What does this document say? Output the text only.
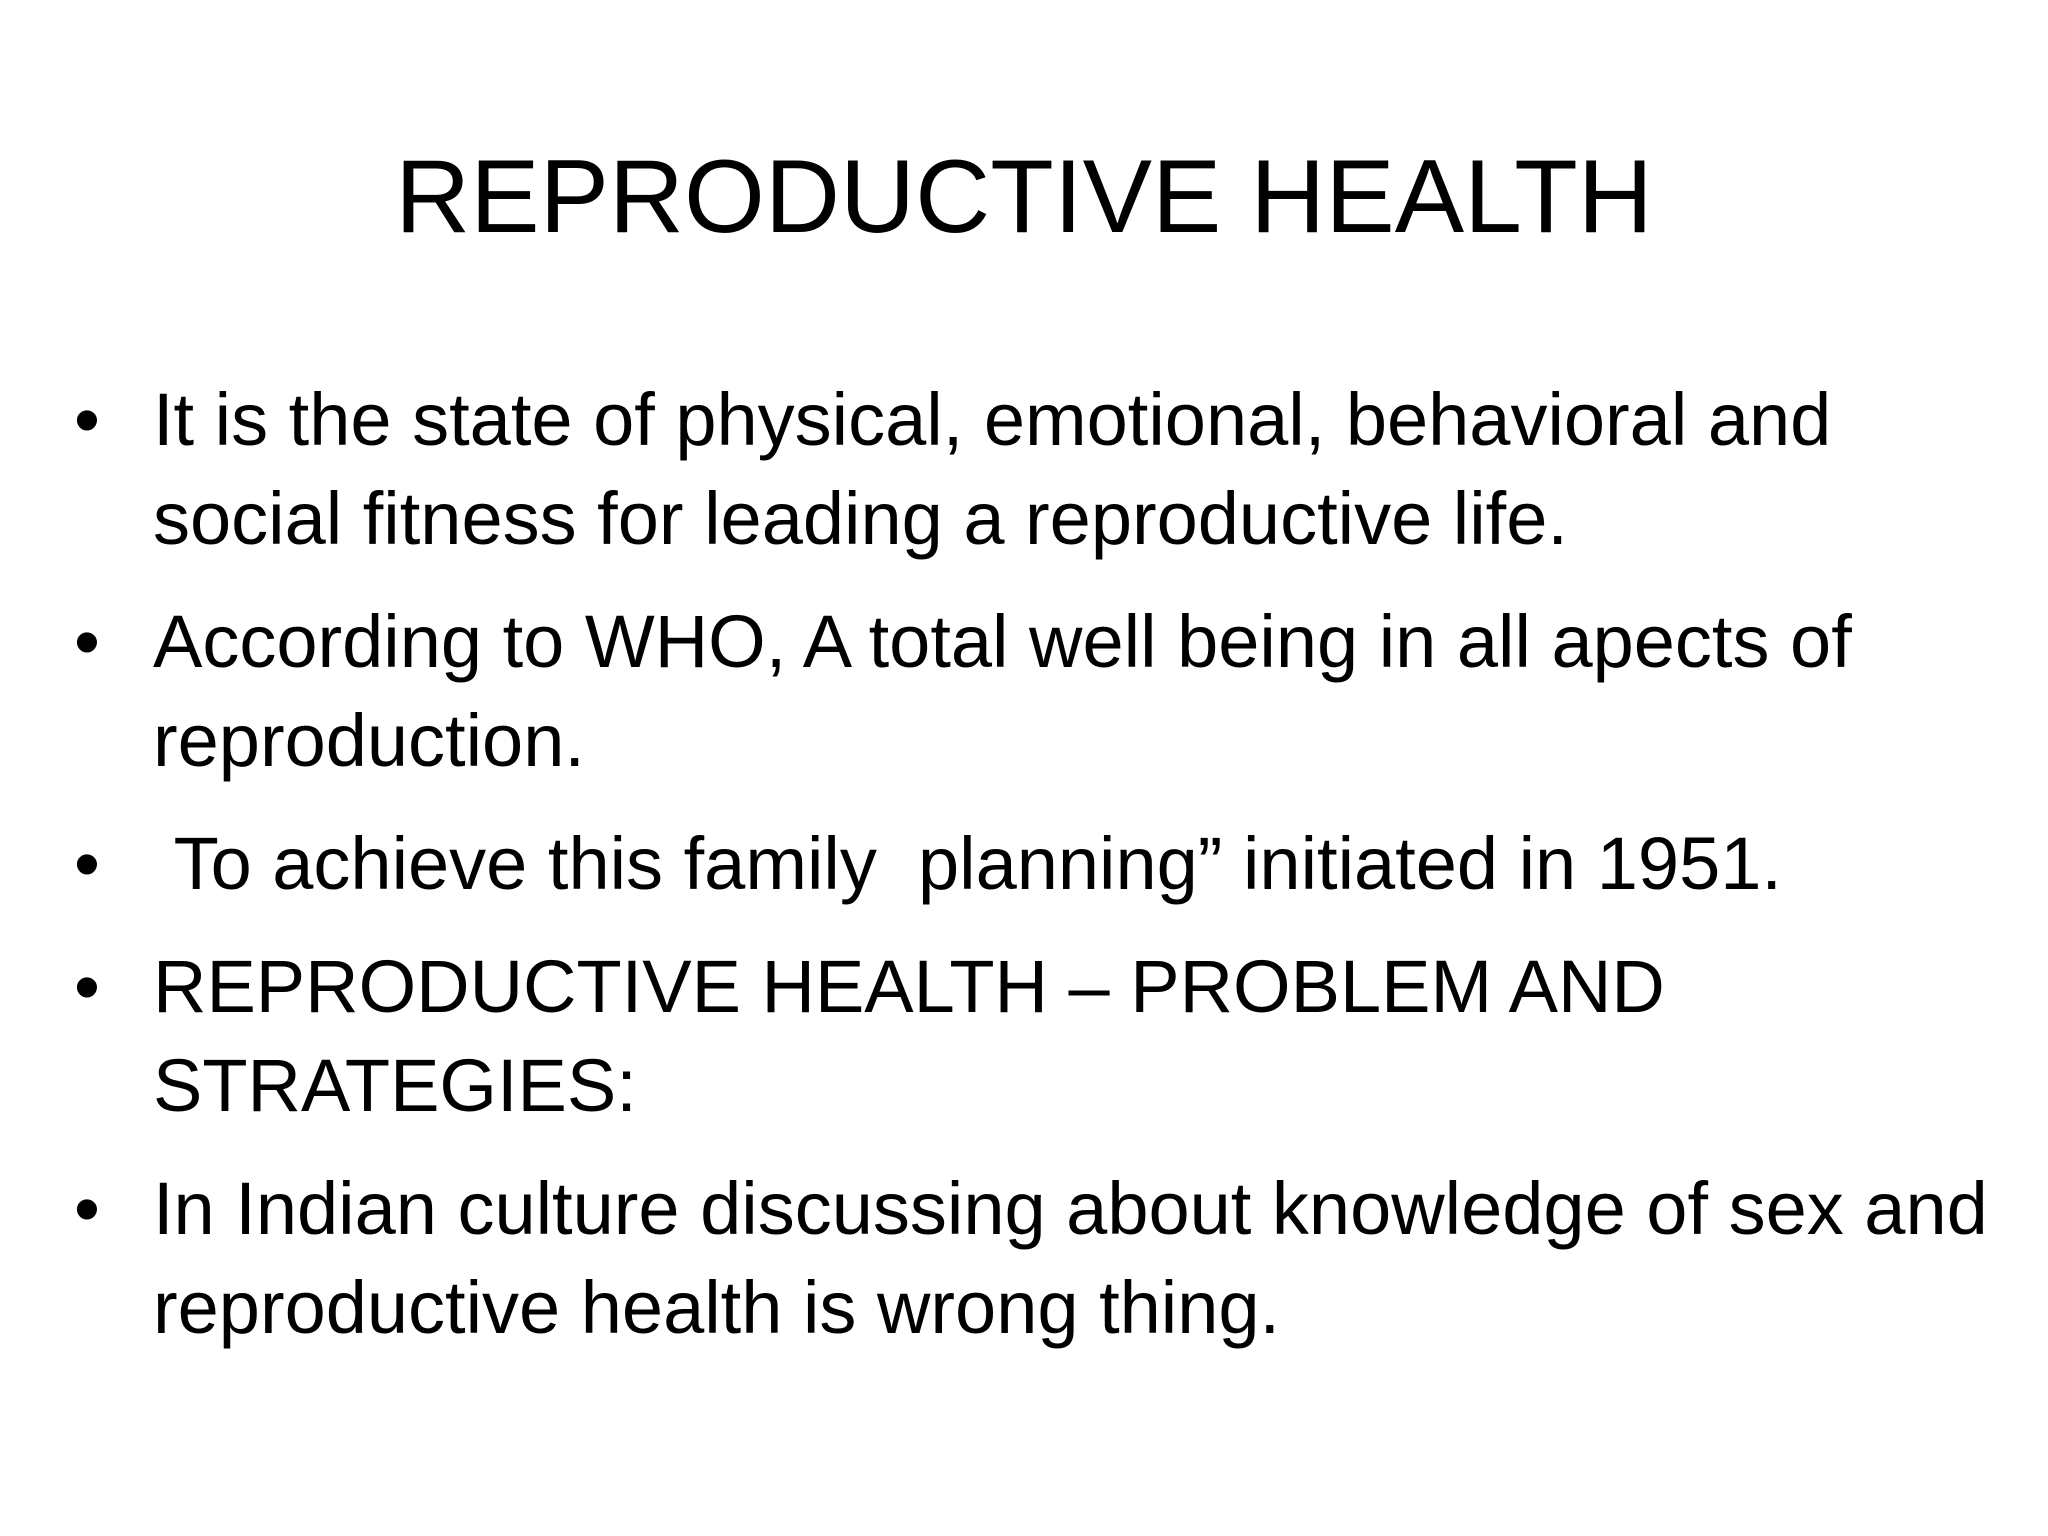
REPRODUCTIVE HEALTH
•
It is the state of physical, emotional, behavioral and social fitness for leading a reproductive life.
•
According to WHO, A total well being in all apects of reproduction.
•
To achieve this family  planning” initiated in 1951.
•
REPRODUCTIVE HEALTH – PROBLEM AND STRATEGIES:
•
In Indian culture discussing about knowledge of sex and reproductive health is wrong thing.
